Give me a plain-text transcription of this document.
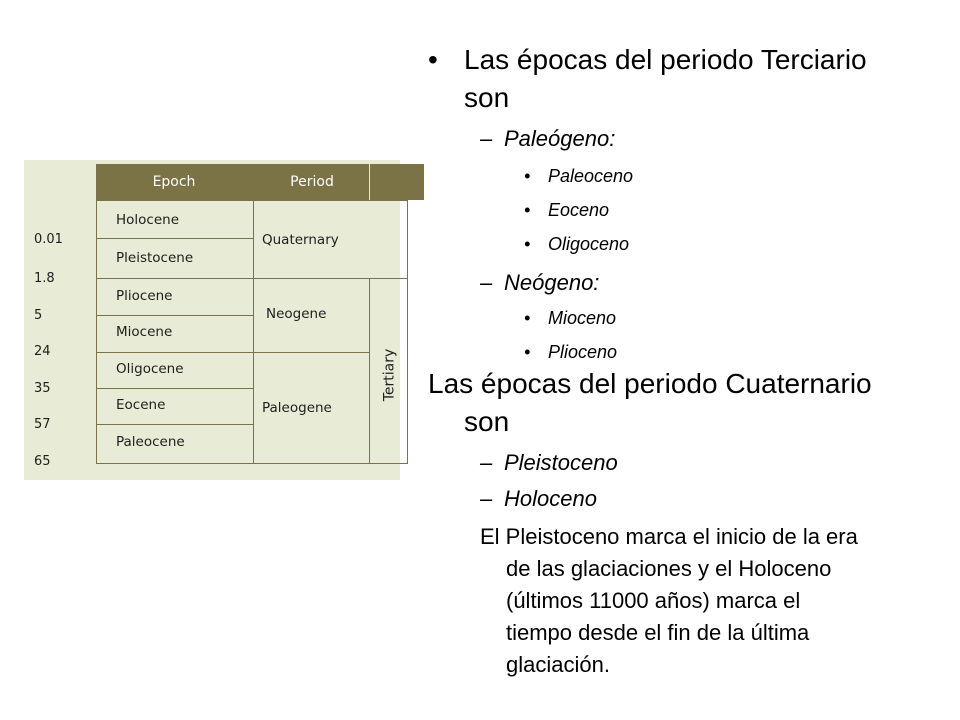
Epoch	Period
0.01
1.8
5
24
35
57
65
Holocene
Pleistocene
Pliocene
Miocene
Oligocene
Eocene
Paleocene
Quaternary
Neogene
Paleogene
Tertiary
• Las épocas del periodo Terciario
son
– Paleógeno:
• Paleoceno
• Eoceno
• Oligoceno
– Neógeno:
• Mioceno
• Plioceno
Las épocas del periodo Cuaternario
son
– Pleistoceno
– Holoceno
El Pleistoceno marca el inicio de la era
de las glaciaciones y el Holoceno
(últimos 11000 años) marca el
tiempo desde el fin de la última
glaciación.
